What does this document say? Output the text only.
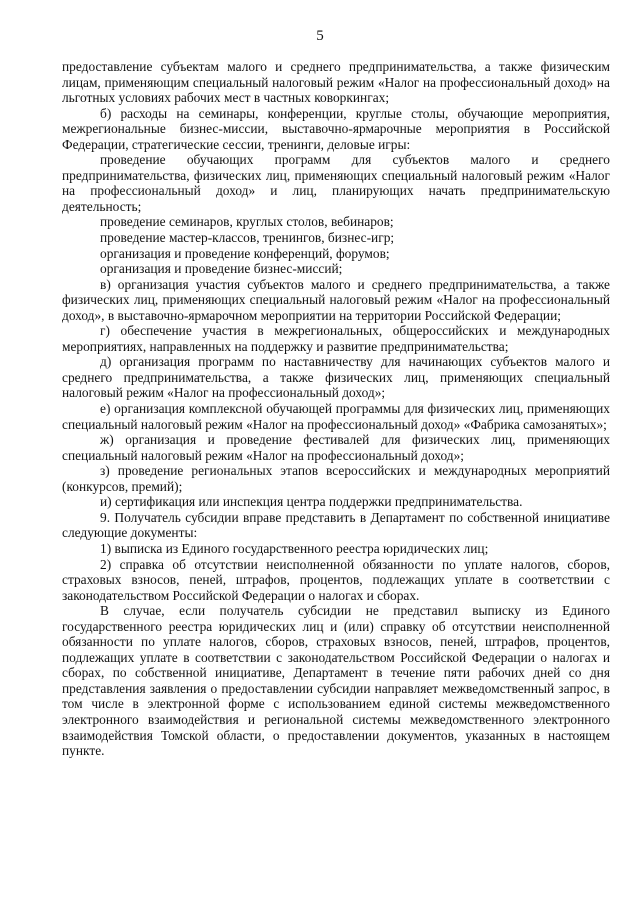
5

предоставление субъектам малого и среднего предпринимательства, а также физическим лицам, применяющим специальный налоговый режим «Налог на профессиональный доход» на льготных условиях рабочих мест в частных коворкингах;

б) расходы на семинары, конференции, круглые столы, обучающие мероприятия, межрегиональные бизнес-миссии, выставочно-ярмарочные мероприятия в Российской Федерации, стратегические сессии, тренинги, деловые игры:

проведение обучающих программ для субъектов малого и среднего предпринимательства, физических лиц, применяющих специальный налоговый режим «Налог на профессиональный доход» и лиц, планирующих начать предпринимательскую деятельность;

проведение семинаров, круглых столов, вебинаров;

проведение мастер-классов, тренингов, бизнес-игр;

организация и проведение конференций, форумов;

организация и проведение бизнес-миссий;

в) организация участия субъектов малого и среднего предпринимательства, а также физических лиц, применяющих специальный налоговый режим «Налог на профессиональный доход», в выставочно-ярмарочном мероприятии на территории Российской Федерации;

г) обеспечение участия в межрегиональных, общероссийских и международных мероприятиях, направленных на поддержку и развитие предпринимательства;

д) организация программ по наставничеству для начинающих субъектов малого и среднего предпринимательства, а также физических лиц, применяющих специальный налоговый режим «Налог на профессиональный доход»;

е) организация комплексной обучающей программы для физических лиц, применяющих специальный налоговый режим «Налог на профессиональный доход» «Фабрика самозанятых»;

ж) организация и проведение фестивалей для физических лиц, применяющих специальный налоговый режим «Налог на профессиональный доход»;

з) проведение региональных этапов всероссийских и международных мероприятий (конкурсов, премий);

и) сертификация или инспекция центра поддержки предпринимательства.

9. Получатель субсидии вправе представить в Департамент по собственной инициативе следующие документы:

1) выписка из Единого государственного реестра юридических лиц;

2) справка об отсутствии неисполненной обязанности по уплате налогов, сборов, страховых взносов, пеней, штрафов, процентов, подлежащих уплате в соответствии с законодательством Российской Федерации о налогах и сборах.

В случае, если получатель субсидии не представил выписку из Единого государственного реестра юридических лиц и (или) справку об отсутствии неисполненной обязанности по уплате налогов, сборов, страховых взносов, пеней, штрафов, процентов, подлежащих уплате в соответствии с законодательством Российской Федерации о налогах и сборах, по собственной инициативе, Департамент в течение пяти рабочих дней со дня представления заявления о предоставлении субсидии направляет межведомственный запрос, в том числе в электронной форме с использованием единой системы межведомственного электронного взаимодействия и региональной системы межведомственного электронного взаимодействия Томской области, о предоставлении документов, указанных в настоящем пункте.
